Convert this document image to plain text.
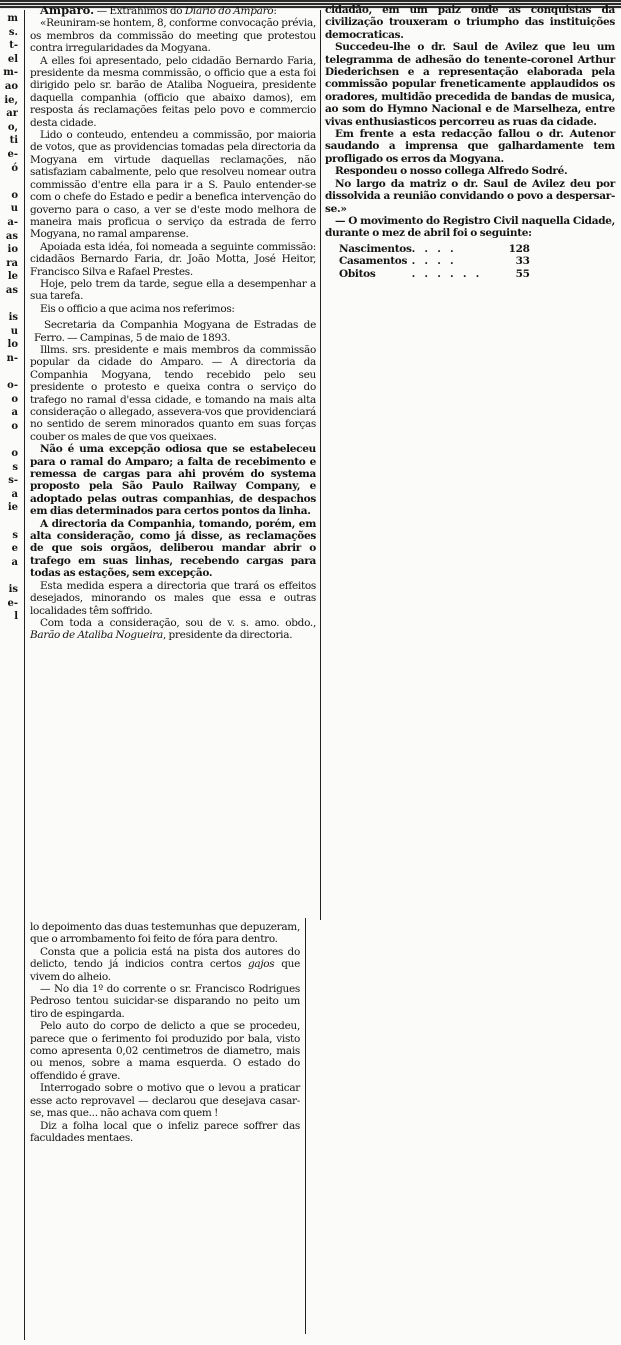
m
s.
t-
el
m-
ao
ie,
ar
o,
ti
e-
ó
o
u
a-
as
io
ra
le
as
is
u
lo
n-
o-
o
a
o
o
s
s-
a
ie
s
e
a
is
e-
l

Amparo. — Extrahimos do Diario do Amparo:

«Reuniram-se hontem, 8, conforme convocação prévia, os membros da commissão do meeting que protestou contra irregularidades da Mogyana.

A elles foi apresentado, pelo cidadão Bernardo Faria, presidente da mesma commissão, o officio que a esta foi dirigido pelo sr. barão de Ataliba Nogueira, presidente daquella companhia (officio que abaixo damos), em resposta ás reclamações feitas pelo povo e commercio desta cidade.

Lido o conteudo, entendeu a commissão, por maioria de votos, que as providencias tomadas pela directoria da Mogyana em virtude daquellas reclamações, não satisfaziam cabalmente, pelo que resolveu nomear outra commissão d'entre ella para ir a S. Paulo entender-se com o chefe do Estado e pedir a benefica intervenção do governo para o caso, a ver se d'este modo melhora de maneira mais proficua o serviço da estrada de ferro Mogyana, no ramal amparense.

Apoiada esta idéa, foi nomeada a seguinte commissão: cidadãos Bernardo Faria, dr. João Motta, José Heitor, Francisco Silva e Rafael Prestes.

Hoje, pelo trem da tarde, segue ella a desempenhar a sua tarefa.

Eis o officio a que acima nos referimos:

Secretaria da Companhia Mogyana de Estradas de Ferro. — Campinas, 5 de maio de 1893.

Illms. srs. presidente e mais membros da commissão popular da cidade do Amparo. — A directoria da Companhia Mogyana, tendo recebido pelo seu presidente o protesto e queixa contra o serviço do trafego no ramal d'essa cidade, e tomando na mais alta consideração o allegado, assevera-vos que providenciará no sentido de serem minorados quanto em suas forças couber os males de que vos queixaes.

Não é uma excepção odiosa que se estabeleceu para o ramal do Amparo; a falta de recebimento e remessa de cargas para ahi provém do systema proposto pela São Paulo Railway Company, e adoptado pelas outras companhias, de despachos em dias determinados para certos pontos da linha.

A directoria da Companhia, tomando, porém, em alta consideração, como já disse, as reclamações de que sois orgãos, deliberou mandar abrir o trafego em suas linhas, recebendo cargas para todas as estações, sem excepção.

Esta medida espera a directoria que trará os effeitos desejados, minorando os males que essa e outras localidades têm soffrido.

Com toda a consideração, sou de v. s. amo. obdo., Barão de Ataliba Nogueira, presidente da directoria.

lo depoimento das duas testemunhas que depuzeram, que o arrombamento foi feito de fóra para dentro.

Consta que a policia está na pista dos autores do delicto, tendo já indicios contra certos gajos que vivem do alheio.

— No dia 1º do corrente o sr. Francisco Rodrigues Pedroso tentou suicidar-se disparando no peito um tiro de espingarda.

Pelo auto do corpo de delicto a que se procedeu, parece que o ferimento foi produzido por bala, visto como apresenta 0,02 centimetros de diametro, mais ou menos, sobre a mama esquerda. O estado do offendido é grave.

Interrogado sobre o motivo que o levou a praticar esse acto reprovavel — declarou que desejava casar-se, mas que... não achava com quem !

Diz a folha local que o infeliz parece soffrer das faculdades mentaes.

cidadão, em um paiz onde as conquistas da civilização trouxeram o triumpho das instituições democraticas.

Succedeu-lhe o dr. Saul de Avilez que leu um telegramma de adhesão do tenente-coronel Arthur Diederichsen e a representação elaborada pela commissão popular freneticamente applaudidos os oradores, multidão precedida de bandas de musica, ao som do Hymno Nacional e de Marselheza, entre vivas enthusiasticos percorreu as ruas da cidade.

Em frente a esta redacção fallou o dr. Autenor saudando a imprensa que galhardamente tem profligado os erros da Mogyana.

Respondeu o nosso collega Alfredo Sodré.

No largo da matriz o dr. Saul de Avilez deu por dissolvida a reunião convidando o povo a despersar-se.»

— O movimento do Registro Civil naquella Cidade, durante o mez de abril foi o seguinte:

Nascimentos	. . . .	128
Casamentos	. . . .	33
Obitos	. . . . . .	55
